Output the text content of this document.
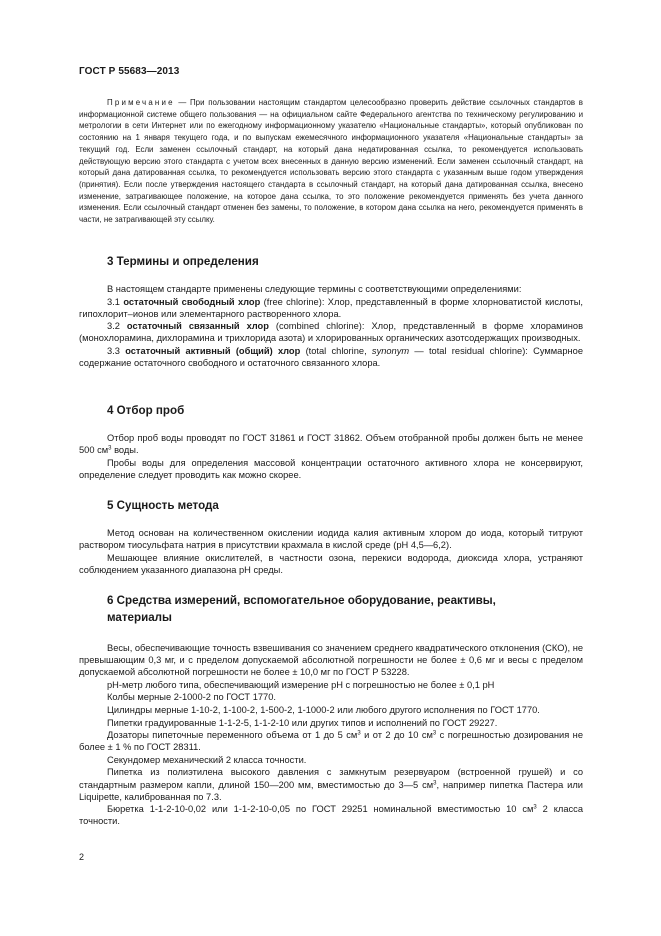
ГОСТ Р 55683—2013
Примечание — При пользовании настоящим стандартом целесообразно проверить действие ссылочных стандартов в информационной системе общего пользования — на официальном сайте Федерального агентства по техническому регулированию и метрологии в сети Интернет или по ежегодному информационному указателю «Национальные стандарты», который опубликован по состоянию на 1 января текущего года, и по выпускам ежемесячного информационного указателя «Национальные стандарты» за текущий год. Если заменен ссылочный стандарт, на который дана недатированная ссылка, то рекомендуется использовать действующую версию этого стандарта с учетом всех внесенных в данную версию изменений. Если заменен ссылочный стандарт, на который дана датированная ссылка, то рекомендуется использовать версию этого стандарта с указанным выше годом утверждения (принятия). Если после утверждения настоящего стандарта в ссылочный стандарт, на который дана датированная ссылка, внесено изменение, затрагивающее положение, на которое дана ссылка, то это положение рекомендуется применять без учета данного изменения. Если ссылочный стандарт отменен без замены, то положение, в котором дана ссылка на него, рекомендуется применять в части, не затрагивающей эту ссылку.
3 Термины и определения

В настоящем стандарте применены следующие термины с соответствующими определениями:

3.1 остаточный свободный хлор (free chlorine): Хлор, представленный в форме хлорноватистой кислоты, гипохлорит–ионов или элементарного растворенного хлора.

3.2 остаточный связанный хлор (combined chlorine): Хлор, представленный в форме хлораминов (монохлорамина, дихлорамина и трихлорида азота) и хлорированных органических азотсодержащих производных.

3.3 остаточный активный (общий) хлор (total chlorine, synonym — total residual chlorine): Суммарное содержание остаточного свободного и остаточного связанного хлора.

4 Отбор проб

Отбор проб воды проводят по ГОСТ 31861 и ГОСТ 31862. Объем отобранной пробы должен быть не менее 500 $см^3$ воды.

Пробы воды для определения массовой концентрации остаточного активного хлора не консервируют, определение следует проводить как можно скорее.

5 Сущность метода

Метод основан на количественном окислении иодида калия активным хлором до иода, который титруют раствором тиосульфата натрия в присутствии крахмала в кислой среде (pH 4,5—6,2).

Мешающее влияние окислителей, в частности озона, перекиси водорода, диоксида хлора, устраняют соблюдением указанного диапазона pH среды.

6 Средства измерений, вспомогательное оборудование, реактивы, материалы

Весы, обеспечивающие точность взвешивания со значением среднего квадратического отклонения (СКО), не превышающим 0,3 мг, и с пределом допускаемой абсолютной погрешности не более ± 0,6 мг и весы с пределом допускаемой абсолютной погрешности не более ± 10,0 мг по ГОСТ Р 53228.

pH-метр любого типа, обеспечивающий измерение pH с погрешностью не более ± 0,1 pH

Колбы мерные 2-1000-2 по ГОСТ 1770.

Цилиндры мерные 1-10-2, 1-100-2, 1-500-2, 1-1000-2 или любого другого исполнения по ГОСТ 1770.

Пипетки градуированные 1-1-2-5, 1-1-2-10 или других типов и исполнений по ГОСТ 29227.

Дозаторы пипеточные переменного объема от 1 до 5 $см^3$ и от 2 до 10 $см^3$ с погрешностью дозирования не более ± 1 % по ГОСТ 28311.

Секундомер механический 2 класса точности.

Пипетка из полиэтилена высокого давления с замкнутым резервуаром (встроенной грушей) и со стандартным размером капли, длиной 150—200 мм, вместимостью до 3—5 $см^3$, например пипетка Пастера или Liquipette, калиброванная по 7.3.

Бюретка 1-1-2-10-0,02 или 1-1-2-10-0,05 по ГОСТ 29251 номинальной вместимостью 10 $см^3$ 2 класса точности.

2
